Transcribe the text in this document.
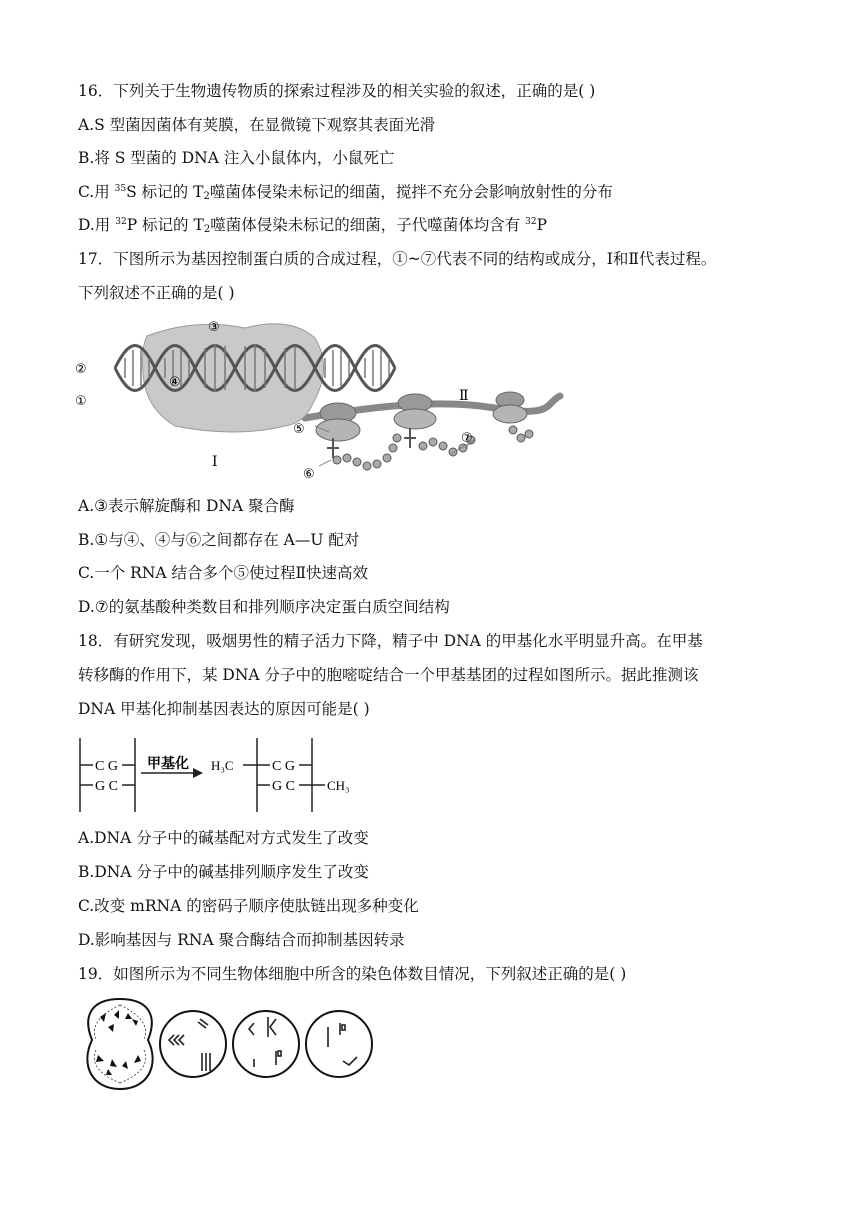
16．下列关于生物遗传物质的探索过程涉及的相关实验的叙述，正确的是( )
A.S 型菌因菌体有荚膜，在显微镜下观察其表面光滑
B.将 S 型菌的 DNA 注入小鼠体内，小鼠死亡
C.用 $^{35}$S 标记的 $T_2$噬菌体侵染未标记的细菌，搅拌不充分会影响放射性的分布
D.用 $^{32}$P 标记的 $T_2$噬菌体侵染未标记的细菌，子代噬菌体均含有 $^{32}$P
17．下图所示为基因控制蛋白质的合成过程，①~⑦代表不同的结构或成分，Ⅰ和Ⅱ代表过程。
下列叙述不正确的是( )
③
②
①
④
⑤
⑥
⑦
Ⅰ
Ⅱ
A.③表示解旋酶和 DNA 聚合酶
B.①与④、④与⑥之间都存在 A—U 配对
C.一个 RNA 结合多个⑤使过程Ⅱ快速高效
D.⑦的氨基酸种类数目和排列顺序决定蛋白质空间结构
18．有研究发现，吸烟男性的精子活力下降，精子中 DNA 的甲基化水平明显升高。在甲基
转移酶的作用下，某 DNA 分子中的胞嘧啶结合一个甲基基团的过程如图所示。据此推测该
DNA 甲基化抑制基因表达的原因可能是( )
C G
G C
甲基化 H₃C	C G
G C CH₃
A.DNA 分子中的碱基配对方式发生了改变
B.DNA 分子中的碱基排列顺序发生了改变
C.改变 mRNA 的密码子顺序使肽链出现多种变化
D.影响基因与 RNA 聚合酶结合而抑制基因转录
19．如图所示为不同生物体细胞中所含的染色体数目情况，下列叙述正确的是( )
